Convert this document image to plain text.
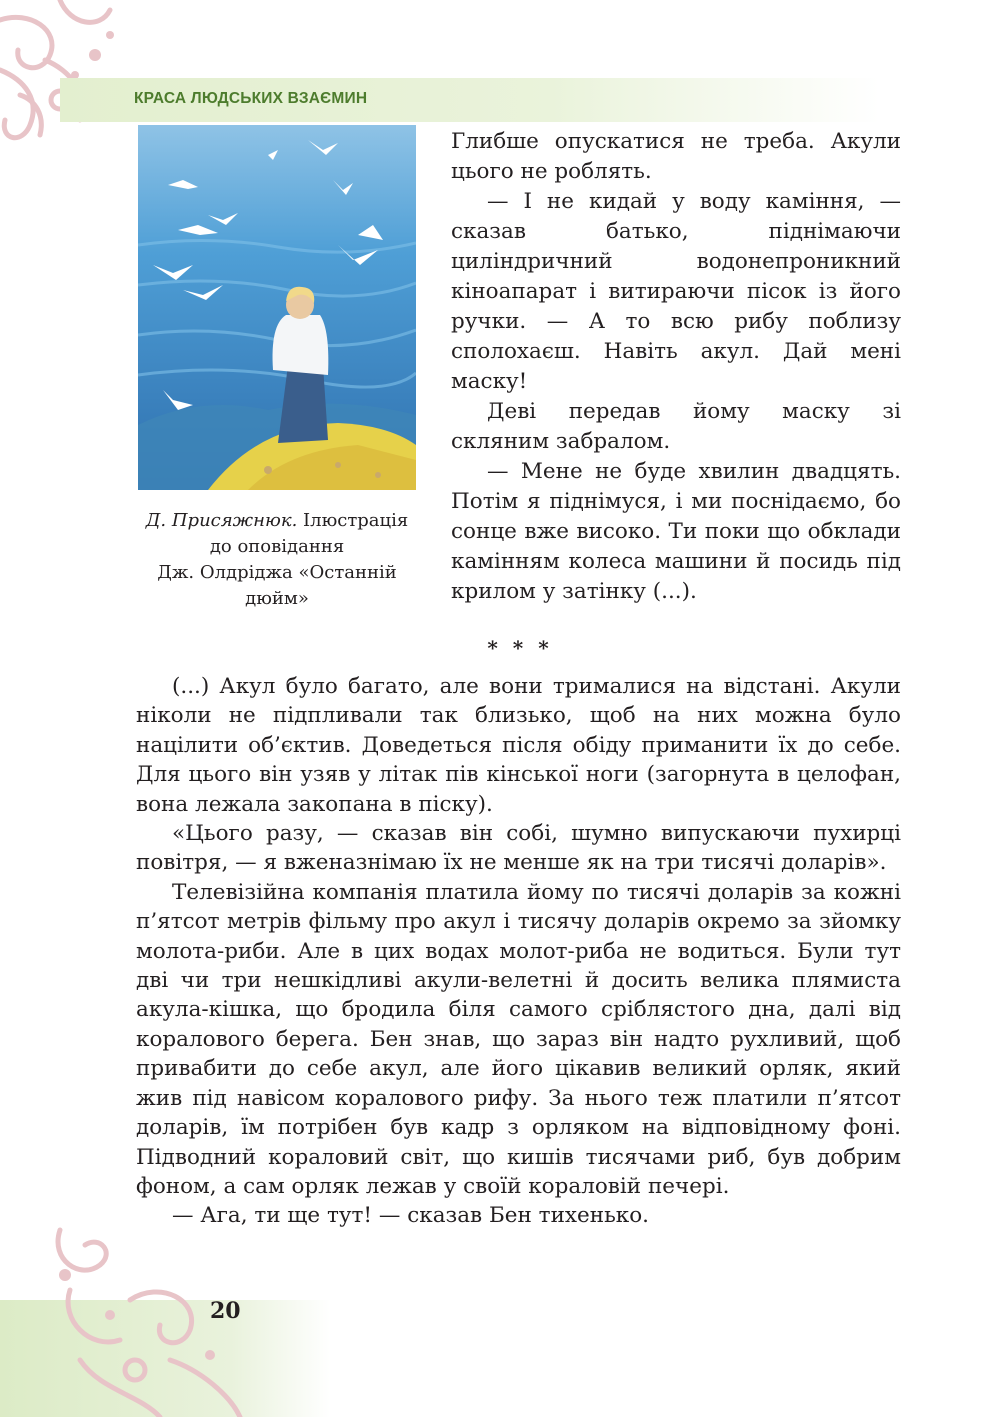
КРАСА ЛЮДСЬКИХ ВЗАЄМИН
Д. Присяжнюк. Ілюстрація
до оповідання
Дж. Олдріджа «Останній
дюйм»

Глибше опускатися не треба. Акули цього не роблять.

— І не кидай у воду каміння, — сказав батько, піднімаючи циліндричний водонепроникний кіноапарат і витираючи пісок із його ручки. — А то всю рибу поблизу сполохаєш. Навіть акул. Дай мені маску!

Деві передав йому маску зі скляним забралом.

— Мене не буде хвилин двадцять. Потім я піднімуся, і ми поснідаємо, бо сонце вже високо. Ти поки що обклади камінням колеса машини й посидь під крилом у затінку (...).

* * *

(...) Акул було багато, але вони трималися на відстані. Акули ніколи не підпливали так близько, щоб на них можна було націлити об’єктив. Доведеться після обіду приманити їх до себе. Для цього він узяв у літак пів кінської ноги (загорнута в целофан, вона лежала закопана в піску).

«Цього разу, — сказав він собі, шумно випускаючи пухирці повітря, — я вженазнімаю їх не менше як на три тисячі доларів».

Телевізійна компанія платила йому по тисячі доларів за кожні п’ятсот метрів фільму про акул і тисячу доларів окремо за зйомку молота-риби. Але в цих водах молот-риба не водиться. Були тут дві чи три нешкідливі акули-велетні й досить велика плямиста акула-кішка, що бродила біля самого сріблястого дна, далі від коралового берега. Бен знав, що зараз він надто рухливий, щоб привабити до себе акул, але його цікавив великий орляк, який жив під навісом коралового рифу. За нього теж платили п’ятсот доларів, їм потрібен був кадр з орляком на відповідному фоні. Підводний кораловий світ, що кишів тисячами риб, був добрим фоном, а сам орляк лежав у своїй кораловій печері.

— Ага, ти ще тут! — сказав Бен тихенько.

20
